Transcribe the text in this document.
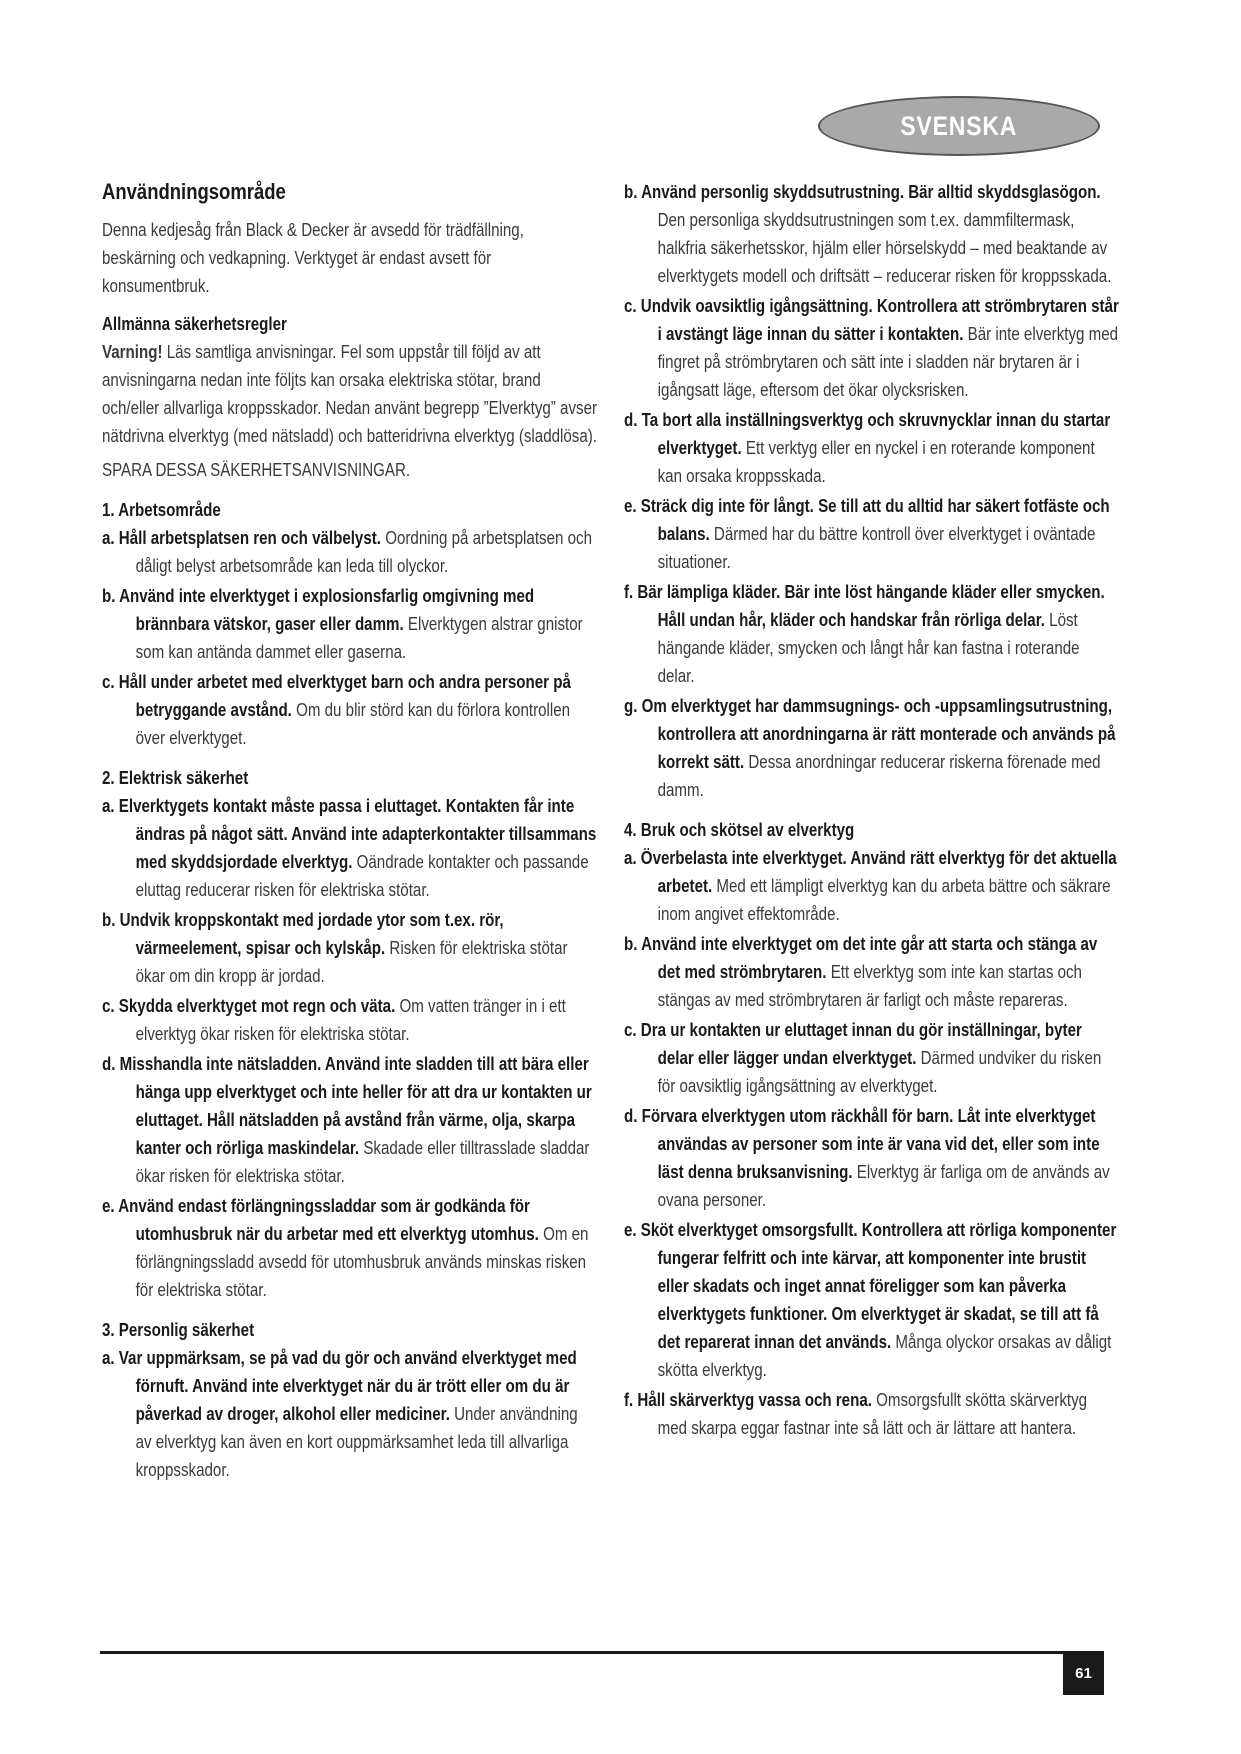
SVENSKA
Användningsområde

Denna kedjesåg från Black & Decker är avsedd för trädfällning, beskärning och vedkapning. Verktyget är endast avsett för konsumentbruk.

Allmänna säkerhetsregler

Varning! Läs samtliga anvisningar. Fel som uppstår till följd av att anvisningarna nedan inte följts kan orsaka elektriska stötar, brand och/eller allvarliga kroppsskador. Nedan använt begrepp ”Elverktyg” avser nätdrivna elverktyg (med nätsladd) och batteridrivna elverktyg (sladdlösa).

SPARA DESSA SÄKERHETSANVISNINGAR.

1. Arbetsområde

a. Håll arbetsplatsen ren och välbelyst. Oordning på arbetsplatsen och dåligt belyst arbetsområde kan leda till olyckor.

b. Använd inte elverktyget i explosionsfarlig omgivning med brännbara vätskor, gaser eller damm. Elverktygen alstrar gnistor som kan antända dammet eller gaserna.

c. Håll under arbetet med elverktyget barn och andra personer på betryggande avstånd. Om du blir störd kan du förlora kontrollen över elverktyget.

2. Elektrisk säkerhet

a. Elverktygets kontakt måste passa i eluttaget. Kontakten får inte ändras på något sätt. Använd inte adapterkontakter tillsammans med skyddsjordade elverktyg. Oändrade kontakter och passande eluttag reducerar risken för elektriska stötar.

b. Undvik kroppskontakt med jordade ytor som t.ex. rör, värmeelement, spisar och kylskåp. Risken för elektriska stötar ökar om din kropp är jordad.

c. Skydda elverktyget mot regn och väta. Om vatten tränger in i ett elverktyg ökar risken för elektriska stötar.

d. Misshandla inte nätsladden. Använd inte sladden till att bära eller hänga upp elverktyget och inte heller för att dra ur kontakten ur eluttaget. Håll nätsladden på avstånd från värme, olja, skarpa kanter och rörliga maskindelar. Skadade eller tilltrasslade sladdar ökar risken för elektriska stötar.

e. Använd endast förlängningssladdar som är godkända för utomhusbruk när du arbetar med ett elverktyg utomhus. Om en förlängningssladd avsedd för utomhusbruk används minskas risken för elektriska stötar.

3. Personlig säkerhet

a. Var uppmärksam, se på vad du gör och använd elverktyget med förnuft. Använd inte elverktyget när du är trött eller om du är påverkad av droger, alkohol eller mediciner. Under användning av elverktyg kan även en kort ouppmärksamhet leda till allvarliga kroppsskador.

b. Använd personlig skyddsutrustning. Bär alltid skyddsglasögon. Den personliga skyddsutrustningen som t.ex. dammfiltermask, halkfria säkerhetsskor, hjälm eller hörselskydd – med beaktande av elverktygets modell och driftsätt – reducerar risken för kroppsskada.

c. Undvik oavsiktlig igångsättning. Kontrollera att strömbrytaren står i avstängt läge innan du sätter i kontakten. Bär inte elverktyg med fingret på strömbrytaren och sätt inte i sladden när brytaren är i igångsatt läge, eftersom det ökar olycksrisken.

d. Ta bort alla inställningsverktyg och skruvnycklar innan du startar elverktyget. Ett verktyg eller en nyckel i en roterande komponent kan orsaka kroppsskada.

e. Sträck dig inte för långt. Se till att du alltid har säkert fotfäste och balans. Därmed har du bättre kontroll över elverktyget i oväntade situationer.

f. Bär lämpliga kläder. Bär inte löst hängande kläder eller smycken. Håll undan hår, kläder och handskar från rörliga delar. Löst hängande kläder, smycken och långt hår kan fastna i roterande delar.

g. Om elverktyget har dammsugnings- och -uppsamlingsutrustning, kontrollera att anordningarna är rätt monterade och används på korrekt sätt. Dessa anordningar reducerar riskerna förenade med damm.

4. Bruk och skötsel av elverktyg

a. Överbelasta inte elverktyget. Använd rätt elverktyg för det aktuella arbetet. Med ett lämpligt elverktyg kan du arbeta bättre och säkrare inom angivet effektområde.

b. Använd inte elverktyget om det inte går att starta och stänga av det med strömbrytaren. Ett elverktyg som inte kan startas och stängas av med strömbrytaren är farligt och måste repareras.

c. Dra ur kontakten ur eluttaget innan du gör inställningar, byter delar eller lägger undan elverktyget. Därmed undviker du risken för oavsiktlig igångsättning av elverktyget.

d. Förvara elverktygen utom räckhåll för barn. Låt inte elverktyget användas av personer som inte är vana vid det, eller som inte läst denna bruksanvisning. Elverktyg är farliga om de används av ovana personer.

e. Sköt elverktyget omsorgsfullt. Kontrollera att rörliga komponenter fungerar felfritt och inte kärvar, att komponenter inte brustit eller skadats och inget annat föreligger som kan påverka elverktygets funktioner. Om elverktyget är skadat, se till att få det reparerat innan det används. Många olyckor orsakas av dåligt skötta elverktyg.

f. Håll skärverktyg vassa och rena. Omsorgsfullt skötta skärverktyg med skarpa eggar fastnar inte så lätt och är lättare att hantera.

61
